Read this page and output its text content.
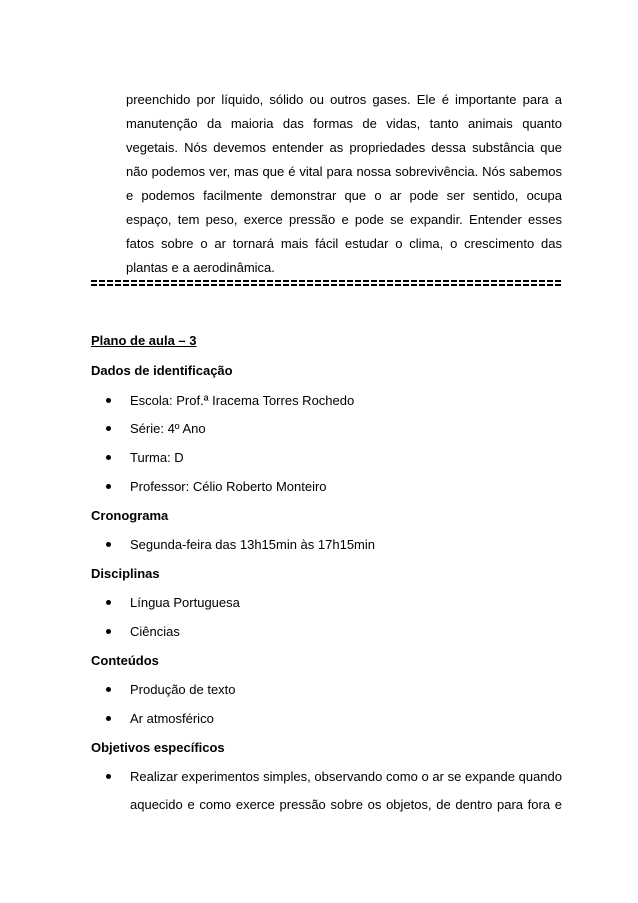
preenchido por líquido, sólido ou outros gases. Ele é importante para a
manutenção da maioria das formas de vidas, tanto animais quanto
vegetais. Nós devemos entender as propriedades dessa substância que
não podemos ver, mas que é vital para nossa sobrevivência. Nós sabemos
e podemos facilmente demonstrar que o ar pode ser sentido, ocupa
espaço, tem peso, exerce pressão e pode se expandir. Entender esses
fatos sobre o ar tornará mais fácil estudar o clima, o crescimento das
plantas e a aerodinâmica.
Plano de aula – 3
Dados de identificação
Escola: Prof.ª Iracema Torres Rochedo
Série: 4º Ano
Turma: D
Professor: Célio Roberto Monteiro
Cronograma
Segunda-feira das 13h15min às 17h15min
Disciplinas
Língua Portuguesa
Ciências
Conteúdos
Produção de texto
Ar atmosférico
Objetivos específicos
Realizar experimentos simples, observando como o ar se expande quando
aquecido e como exerce pressão sobre os objetos, de dentro para fora e
